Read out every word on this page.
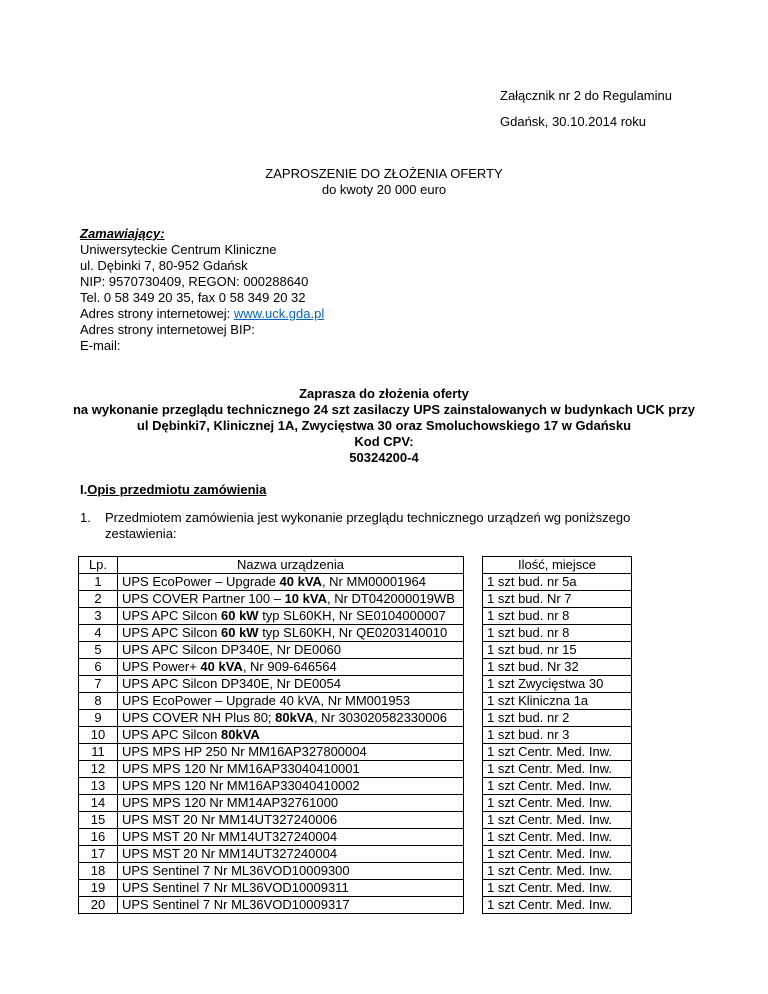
Załącznik nr 2 do Regulaminu
Gdańsk, 30.10.2014 roku
ZAPROSZENIE DO ZŁOŻENIA OFERTY
do kwoty 20 000 euro
Zamawiający:
Uniwersyteckie Centrum Kliniczne
ul. Dębinki 7, 80-952 Gdańsk
NIP: 9570730409, REGON: 000288640
Tel. 0 58 349 20 35, fax 0 58 349 20 32
Adres strony internetowej: www.uck.gda.pl
Adres strony internetowej BIP:
E-mail:
Zaprasza do złożenia oferty
na wykonanie przeglądu technicznego 24 szt zasilaczy UPS zainstalowanych w budynkach UCK przy
ul Dębinki7, Klinicznej 1A, Zwycięstwa 30 oraz Smoluchowskiego 17 w Gdańsku
Kod CPV:
50324200-4
I.Opis przedmiotu zamówienia
1. Przedmiotem zamówienia jest wykonanie przeglądu technicznego urządzeń wg poniższego
zestawienia:
Lp.	Nazwa urządzenia		Ilość, miejsce
1	UPS EcoPower – Upgrade 40 kVA, Nr MM00001964		1 szt bud. nr 5a
2	UPS COVER Partner 100 – 10 kVA, Nr DT042000019WB		1 szt bud. Nr 7
3	UPS APC Silcon 60 kW typ SL60KH, Nr SE0104000007		1 szt bud. nr 8
4	UPS APC Silcon 60 kW typ SL60KH, Nr QE0203140010		1 szt bud. nr 8
5	UPS APC Silcon DP340E, Nr DE0060		1 szt bud. nr 15
6	UPS Power+ 40 kVA, Nr 909-646564		1 szt bud. Nr 32
7	UPS APC Silcon DP340E, Nr DE0054		1 szt Zwycięstwa 30
8	UPS EcoPower – Upgrade 40 kVA, Nr MM001953		1 szt Kliniczna 1a
9	UPS COVER NH Plus 80; 80kVA, Nr 303020582330006		1 szt bud. nr 2
10	UPS APC Silcon 80kVA		1 szt bud. nr 3
11	UPS MPS HP 250 Nr MM16AP327800004		1 szt Centr. Med. Inw.
12	UPS MPS 120 Nr MM16AP33040410001		1 szt Centr. Med. Inw.
13	UPS MPS 120 Nr MM16AP33040410002		1 szt Centr. Med. Inw.
14	UPS MPS 120 Nr MM14AP32761000		1 szt Centr. Med. Inw.
15	UPS MST 20 Nr MM14UT327240006		1 szt Centr. Med. Inw.
16	UPS MST 20 Nr MM14UT327240004		1 szt Centr. Med. Inw.
17	UPS MST 20 Nr MM14UT327240004		1 szt Centr. Med. Inw.
18	UPS Sentinel 7 Nr ML36VOD10009300		1 szt Centr. Med. Inw.
19	UPS Sentinel 7 Nr ML36VOD10009311		1 szt Centr. Med. Inw.
20	UPS Sentinel 7 Nr ML36VOD10009317		1 szt Centr. Med. Inw.
